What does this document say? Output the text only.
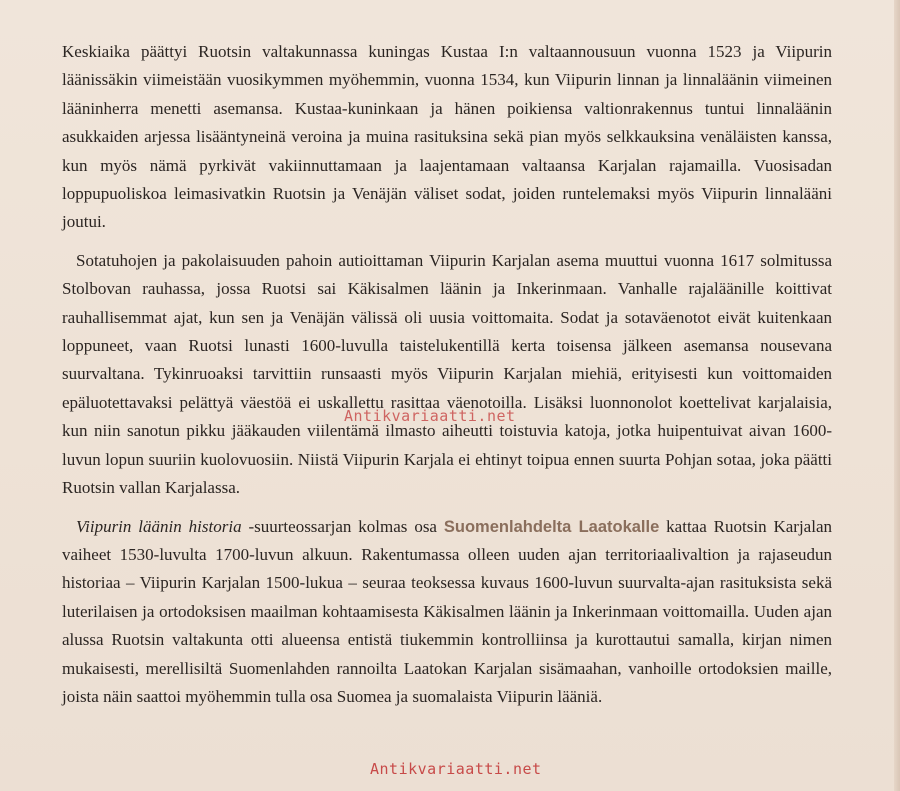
Keskiaika päättyi Ruotsin valtakunnassa kuningas Kustaa I:n valtaannousuun vuonna 1523 ja Viipurin läänissäkin viimeistään vuosikymmen myöhemmin, vuonna 1534, kun Viipurin linnan ja linnaläänin viimeinen lääninherra menetti asemansa. Kustaa-kuninkaan ja hänen poikiensa valtionrakennus tuntui linnaläänin asukkaiden arjessa lisääntyneinä veroina ja muina rasituksina sekä pian myös selkkauksina venäläisten kanssa, kun myös nämä pyrkivät vakiinnuttamaan ja laajentamaan valtaansa Karjalan rajamailla. Vuosisadan loppupuoliskoa leimasivatkin Ruotsin ja Venäjän väliset sodat, joiden runtelemaksi myös Viipurin linnalääni joutui.

Sotatuhojen ja pakolaisuuden pahoin autioittaman Viipurin Karjalan asema muuttui vuonna 1617 solmitussa Stolbovan rauhassa, jossa Ruotsi sai Käkisalmen läänin ja Inkerinmaan. Vanhalle rajaläänille koittivat rauhallisemmat ajat, kun sen ja Venäjän välissä oli uusia voittomaita. Sodat ja sotaväenotot eivät kuitenkaan loppuneet, vaan Ruotsi lunasti 1600-luvulla taistelukentillä kerta toisensa jälkeen asemansa nousevana suurvaltana. Tykinruoaksi tarvittiin runsaasti myös Viipurin Karjalan miehiä, erityisesti kun voittomaiden epäluotettavaksi pelättyä väestöä ei uskallettu rasittaa väenotoilla. Lisäksi luonnonolot koettelivat karjalaisia, kun niin sanotun pikku jääkauden viilentämä ilmasto aiheutti toistuvia katoja, jotka huipentuivat aivan 1600-luvun lopun suuriin kuolovuosiin. Niistä Viipurin Karjala ei ehtinyt toipua ennen suurta Pohjan sotaa, joka päätti Ruotsin vallan Karjalassa.

Viipurin läänin historia -suurteossarjan kolmas osa Suomenlahdelta Laatokalle kattaa Ruotsin Karjalan vaiheet 1530-luvulta 1700-luvun alkuun. Rakentumassa olleen uuden ajan territoriaalivaltion ja rajaseudun historiaa – Viipurin Karjalan 1500-lukua – seuraa teoksessa kuvaus 1600-luvun suurvalta-ajan rasituksista sekä luterilaisen ja ortodoksisen maailman kohtaamisesta Käkisalmen läänin ja Inkerinmaan voittomailla. Uuden ajan alussa Ruotsin valtakunta otti alueensa entistä tiukemmin kontrolliinsa ja kurottautui samalla, kirjan nimen mukaisesti, merellisiltä Suomenlahden rannoilta Laatokan Karjalan sisämaahan, vanhoille ortodoksien maille, joista näin saattoi myöhemmin tulla osa Suomea ja suomalaista Viipurin lääniä.

Antikvariaatti.net
Antikvariaatti.net
